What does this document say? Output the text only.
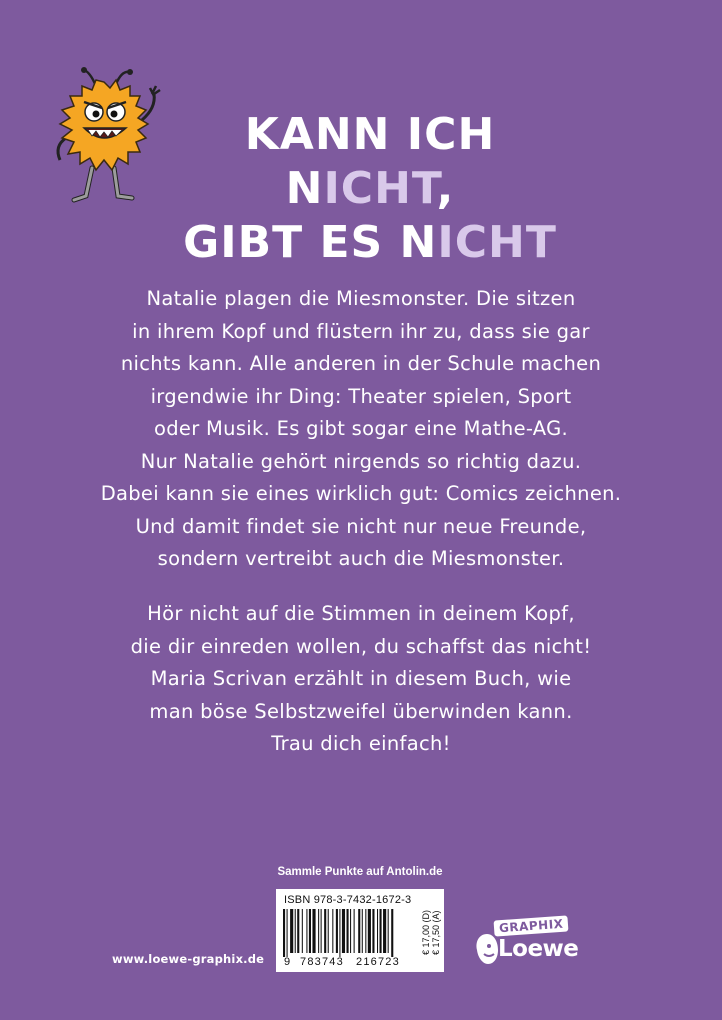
KANN ICH NICHT,
GIBT ES NICHT
Natalie plagen die Miesmonster. Die sitzen
in ihrem Kopf und flüstern ihr zu, dass sie gar
nichts kann. Alle anderen in der Schule machen
irgendwie ihr Ding: Theater spielen, Sport
oder Musik. Es gibt sogar eine Mathe-AG.
Nur Natalie gehört nirgends so richtig dazu.
Dabei kann sie eines wirklich gut: Comics zeichnen.
Und damit findet sie nicht nur neue Freunde,
sondern vertreibt auch die Miesmonster.
Hör nicht auf die Stimmen in deinem Kopf,
die dir einreden wollen, du schaffst das nicht!
Maria Scrivan erzählt in diesem Buch, wie
man böse Selbstzweifel überwinden kann.
Trau dich einfach!
Sammle Punkte auf Antolin.de
ISBN 978-3-7432-1672-3
€ 17,00 (D) € 17,50 (A)
9 783743 216723
www.loewe-graphix.de
GRAPHIX
Loewe
